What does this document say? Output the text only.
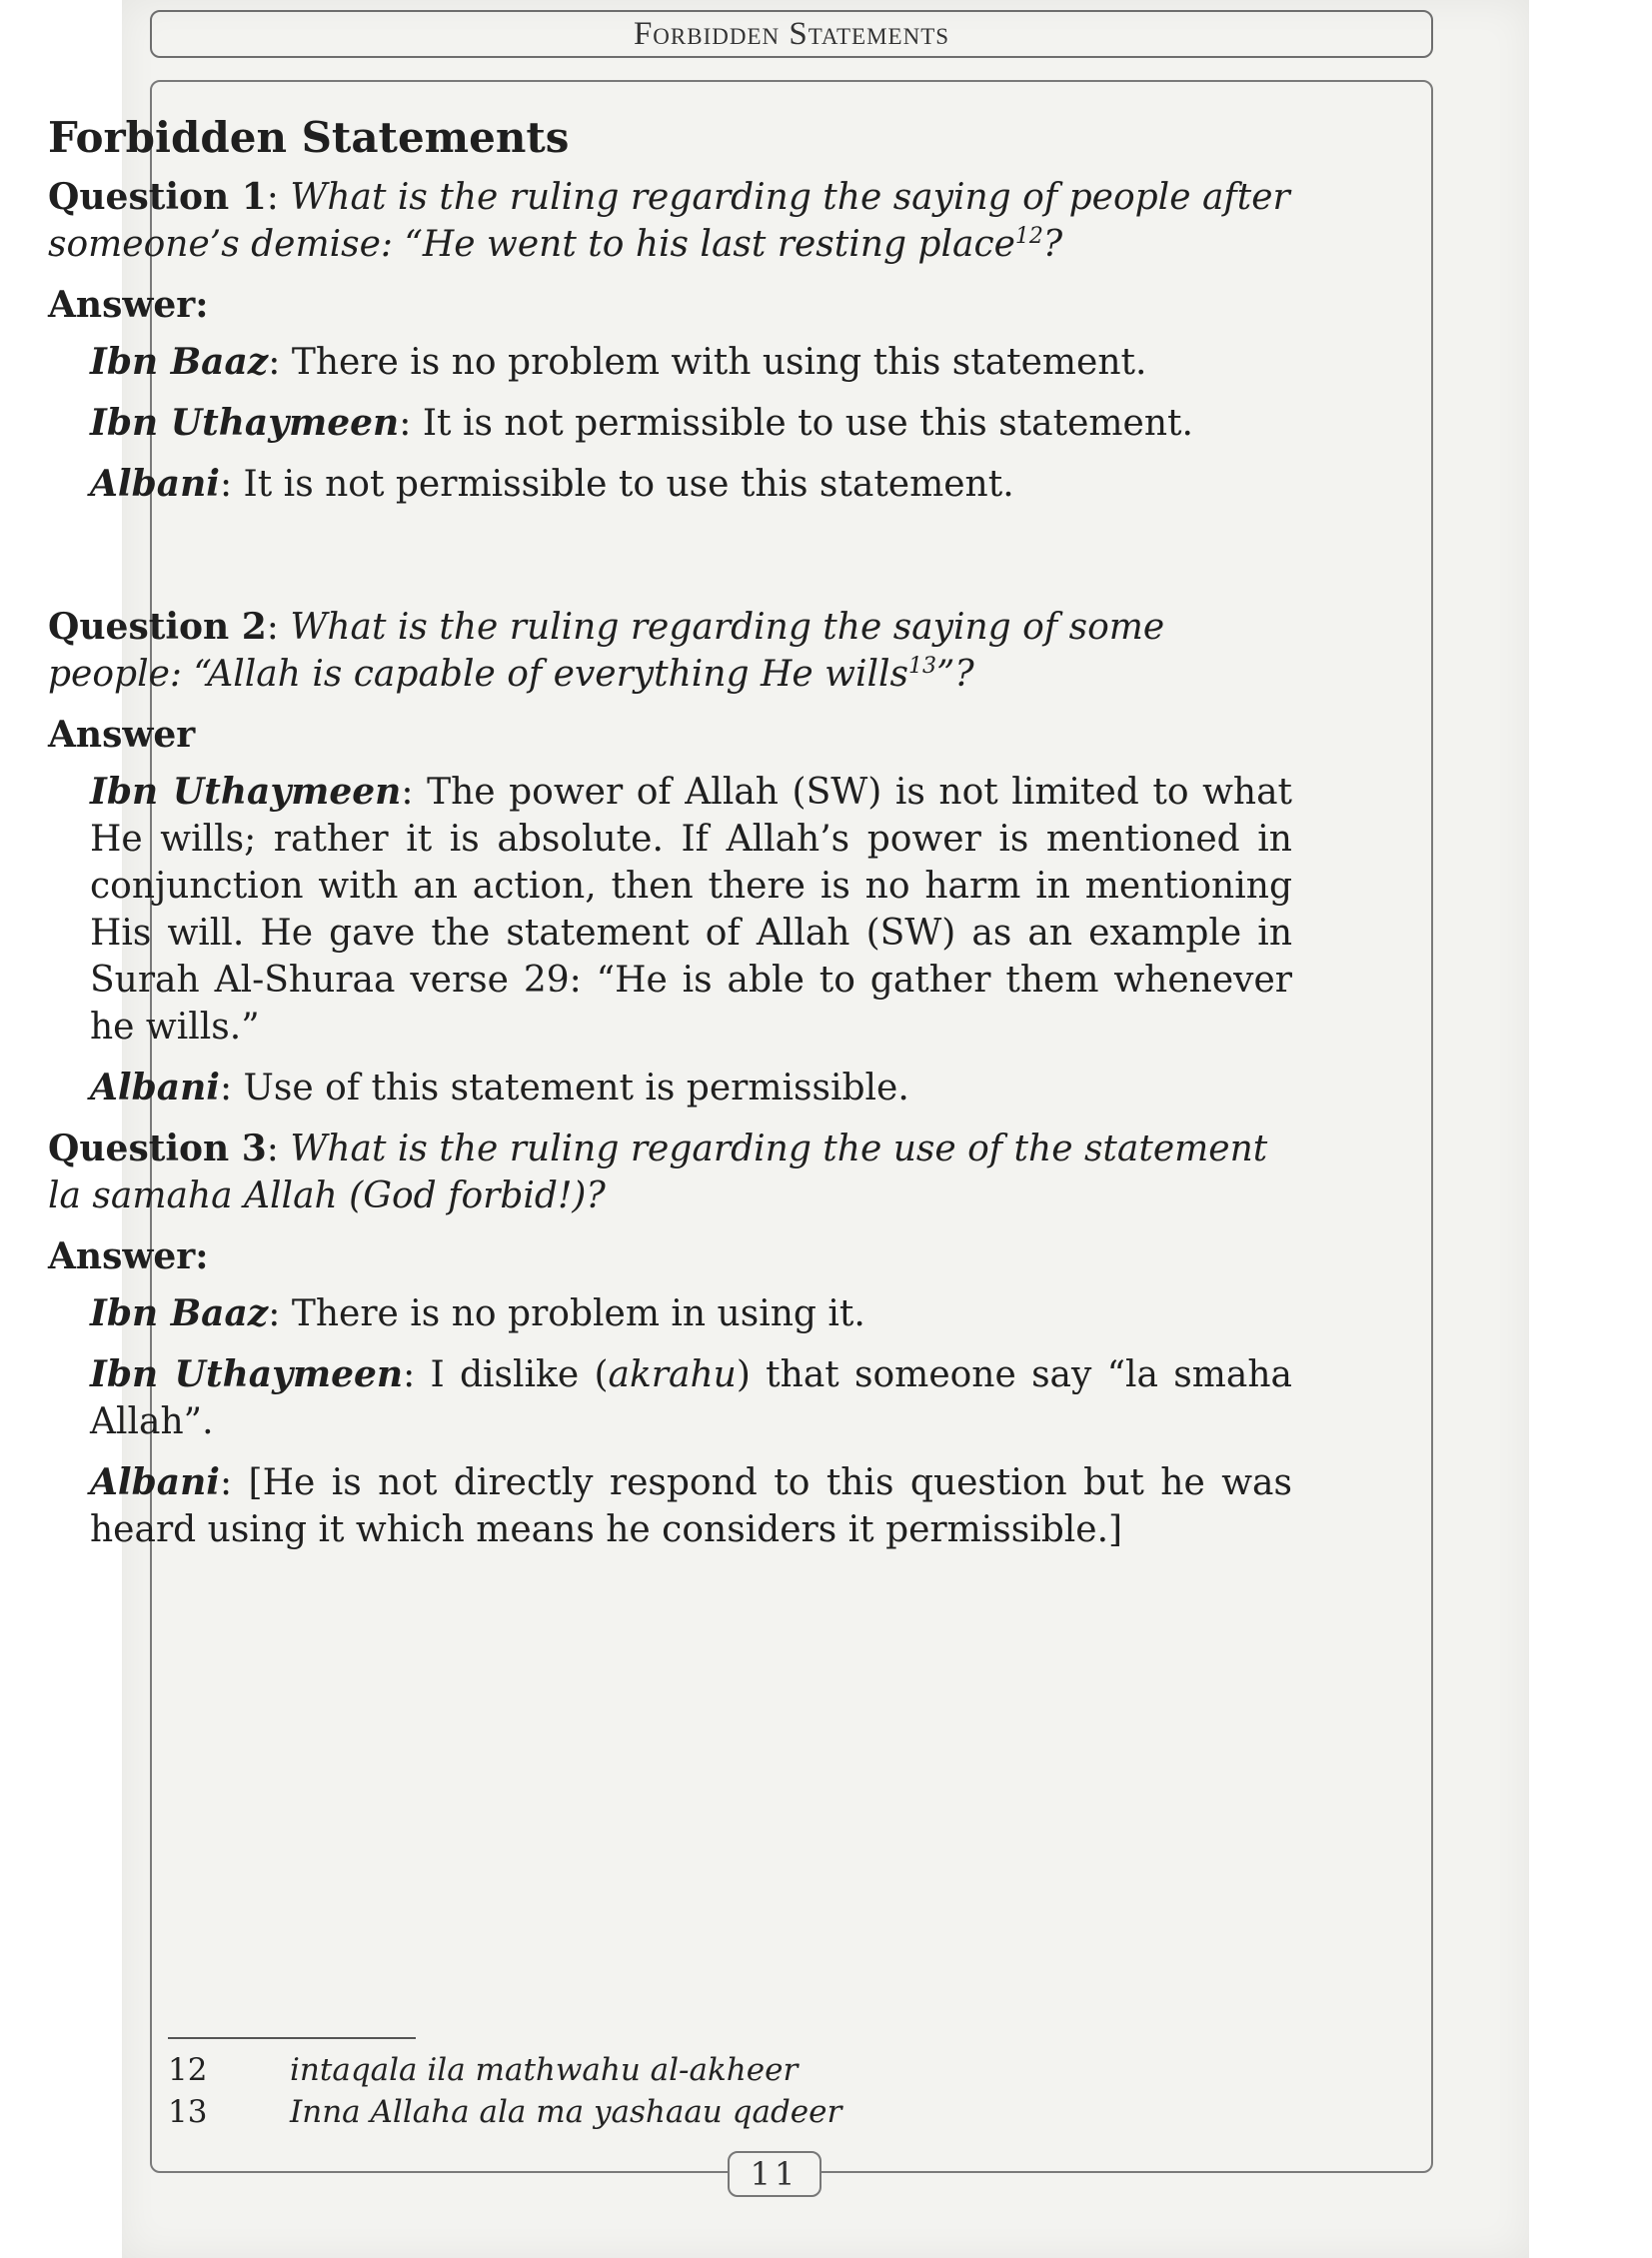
Forbidden Statements
Forbidden Statements

Question 1: What is the ruling regarding the saying of people after someone’s demise: “He went to his last resting place$^{12}$?

Answer:

Ibn Baaz: There is no problem with using this statement.

Ibn Uthaymeen: It is not permissible to use this statement.

Albani: It is not permissible to use this statement.

Question 2: What is the ruling regarding the saying of some people: “Allah is capable of everything He wills$^{13}$”?

Answer

Ibn Uthaymeen: The power of Allah (SW) is not limited to what He wills; rather it is absolute. If Allah’s power is mentioned in conjunction with an action, then there is no harm in mentioning His will. He gave the statement of Allah (SW) as an example in Surah Al-Shuraa verse 29: “He is able to gather them whenever he wills.”

Albani: Use of this statement is permissible.

Question 3: What is the ruling regarding the use of the statement la samaha Allah (God forbid!)?

Answer:

Ibn Baaz: There is no problem in using it.

Ibn Uthaymeen: I dislike (akrahu) that someone say “la smaha Allah”.

Albani: [He is not directly respond to this question but he was heard using it which means he considers it permissible.]

12	intaqala ila mathwahu al-akheer
13	Inna Allaha ala ma yashaau qadeer
11
